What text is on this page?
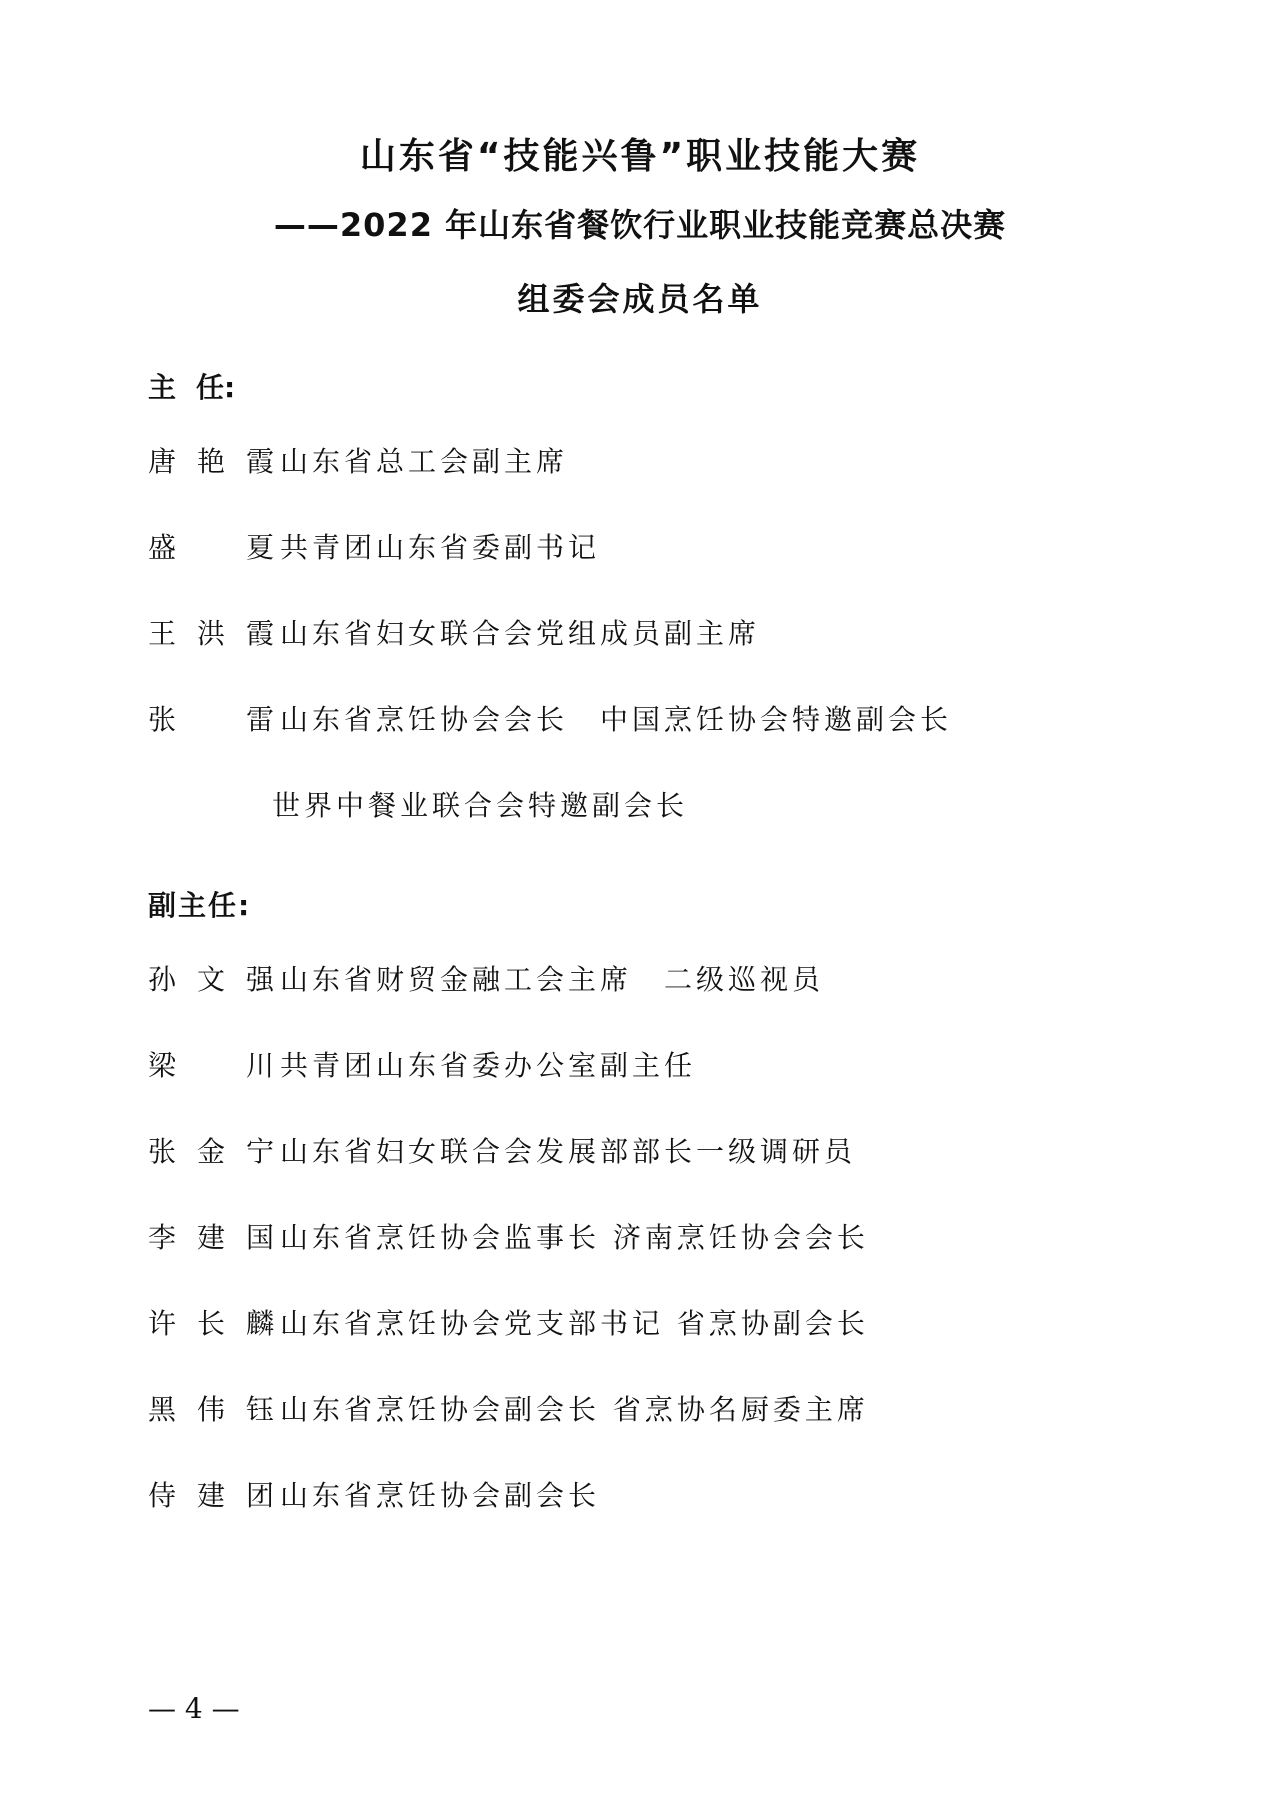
山东省“技能兴鲁”职业技能大赛
——2022 年山东省餐饮行业职业技能竞赛总决赛
组委会成员名单
主任:
唐艳霞 山东省总工会副主席
盛夏 共青团山东省委副书记
王洪霞 山东省妇女联合会党组成员副主席
张雷 山东省烹饪协会会长　中国烹饪协会特邀副会长
世界中餐业联合会特邀副会长
副主任:
孙文强 山东省财贸金融工会主席　二级巡视员
梁川 共青团山东省委办公室副主任
张金宁 山东省妇女联合会发展部部长一级调研员
李建国 山东省烹饪协会监事长 济南烹饪协会会长
许长麟 山东省烹饪协会党支部书记 省烹协副会长
黑伟钰 山东省烹饪协会副会长 省烹协名厨委主席
侍建团 山东省烹饪协会副会长
— 4 —
